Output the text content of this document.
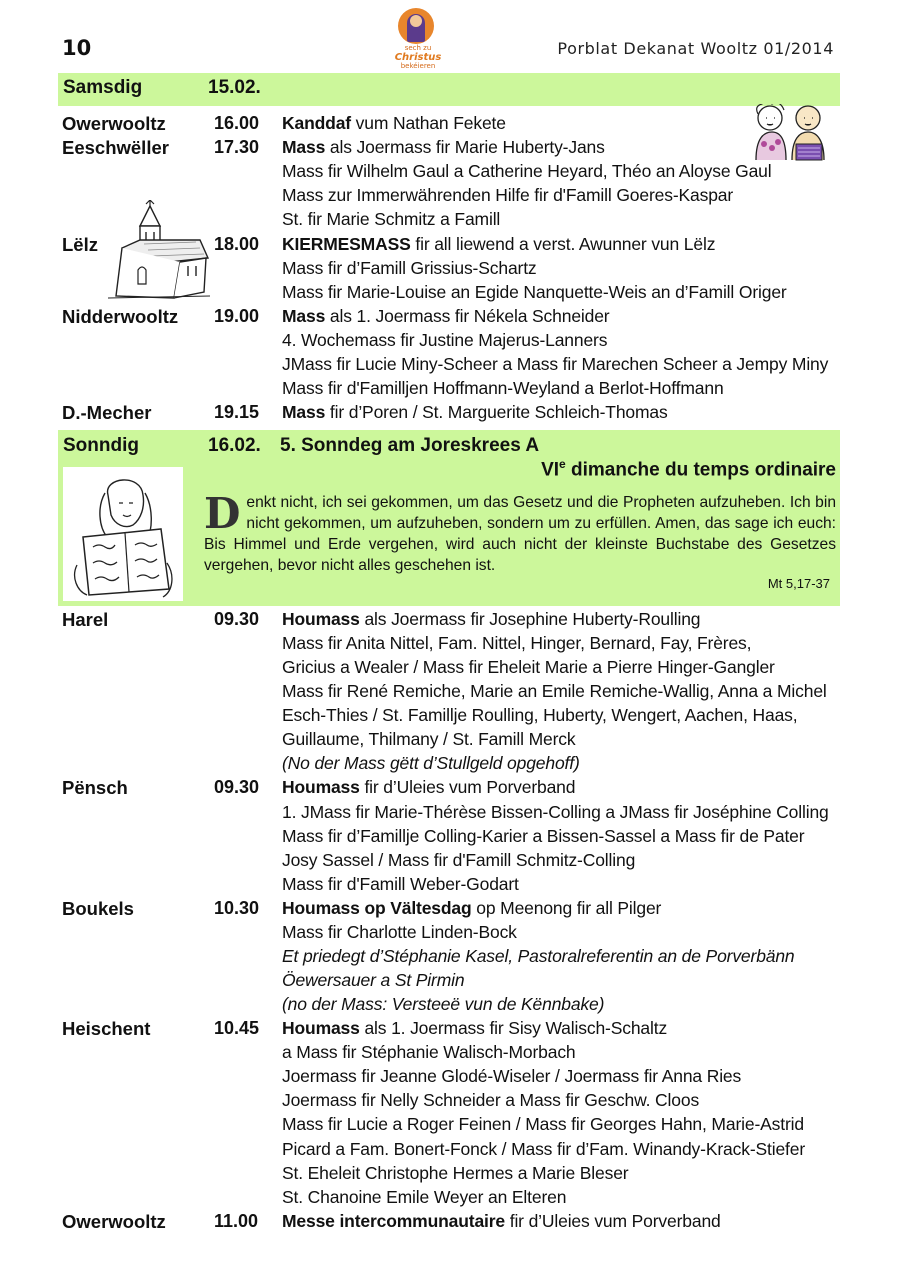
10	sech zu
Christus
bekéieren
Porblat Dekanat Wooltz 01/2014
Samsdig	15.02.
Owerwooltz	16.00 Kanddaf vum Nathan Fekete
Eeschwëller	17.30 Mass als Joermass fir Marie Huberty-Jans
Mass fir Wilhelm Gaul a Catherine Heyard, Théo an Aloyse Gaul
Mass zur Immerwährenden Hilfe fir d'Famill Goeres-Kaspar
St. fir Marie Schmitz a Famill
Lëlz	18.00 KIERMESMASS fir all liewend a verst. Awunner vun Lëlz
Mass fir d’Famill Grissius-Schartz
Mass fir Marie-Louise an Egide Nanquette-Weis an d’Famill Origer
Nidderwooltz 19.00 Mass als 1. Joermass fir Nékela Schneider
4. Wochemass fir Justine Majerus-Lanners
JMass fir Lucie Miny-Scheer a Mass fir Marechen Scheer a Jempy Miny
Mass fir d'Famillјen Hoffmann-Weyland a Berlot-Hoffmann
D.-Mecher	19.15 Mass fir d’Poren / St. Marguerite Schleich-Thomas
Sonndig	16.02. 5. Sonndeg am Joreskrees A
VIe dimanche du temps ordinaire
Denkt nicht, ich sei gekommen, um das Gesetz und die Propheten aufzuheben. Ich bin nicht gekommen, um aufzuheben, sondern um zu erfüllen. Amen, das sage ich euch: Bis Himmel und Erde vergehen, wird auch nicht der kleinste Buchstabe des Gesetzes vergehen, bevor nicht alles geschehen ist.
Mt 5,17-37
Harel	09.30 Houmass als Joermass fir Josephine Huberty-Roulling
Mass fir Anita Nittel, Fam. Nittel, Hinger, Bernard, Fay, Frères,
Gricius a Wealer / Mass fir Eheleit Marie a Pierre Hinger-Gangler
Mass fir René Remiche, Marie an Emile Remiche-Wallig, Anna a Michel
Esch-Thies / St. Famillje Roulling, Huberty, Wengert, Aachen, Haas,
Guillaume, Thilmany / St. Famill Merck
(No der Mass gëtt d’Stullgeld opgehoff)
Pënsch	09.30 Houmass fir d’Uleies vum Porverband
1. JMass fir Marie-Thérèse Bissen-Colling a JMass fir Joséphine Colling
Mass fir d’Famillje Colling-Karier a Bissen-Sassel a Mass fir de Pater
Josy Sassel / Mass fir d'Famill Schmitz-Colling
Mass fir d'Famill Weber-Godart
Boukels	10.30 Houmass op Vältesdag op Meenong fir all Pilger
Mass fir Charlotte Linden-Bock
Et priedegt d’Stéphanie Kasel, Pastoralreferentin an de Porverbänn
Öewersauer a St Pirmin
(no der Mass: Versteeë vun de Kënnbake)
Heischent	10.45 Houmass als 1. Joermass fir Sisy Walisch-Schaltz
a Mass fir Stéphanie Walisch-Morbach
Joermass fir Jeanne Glodé-Wiseler / Joermass fir Anna Ries
Joermass fir Nelly Schneider a Mass fir Geschw. Cloos
Mass fir Lucie a Roger Feinen / Mass fir Georges Hahn, Marie-Astrid
Picard a Fam. Bonert-Fonck / Mass fir d’Fam. Winandy-Krack-Stiefer
St. Eheleit Christophe Hermes a Marie Bleser
St. Chanoine Emile Weyer an Elteren
Owerwooltz	11.00 Messe intercommunautaire fir d’Uleies vum Porverband
